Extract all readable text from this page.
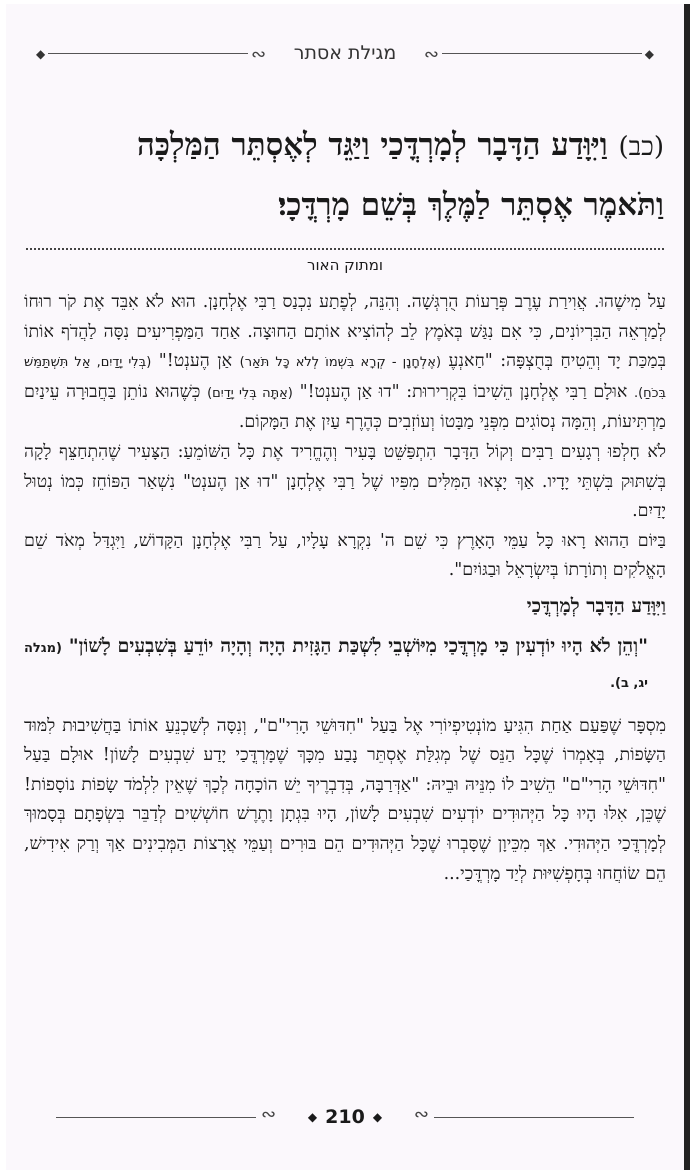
◆	∾ מגילת אסתר ∾	◆
(כב) וַיִּוָּדַע הַדָּבָר לְמָרְדֳּכַי וַיַּגֵּד לְאֶסְתֵּר הַמַּלְכָּה
וַתֹּאמֶר אֶסְתֵּר לַמֶּלֶךְ בְּשֵׁם מָרְדֳּכָי׃
ומתוק האור

עַל מִישֶׁהוּ. אֲוִירַת עֶרֶב פְּרָעוֹת הֻרְגְּשָׁה. וְהִנֵּה, לְפֶתַע נִכְנַס רַבִּי אֶלְחָנָן. הוּא לֹא אִבֵּד אֶת קֹר רוּחוֹ לְמַרְאֵה הַבִּרְיוֹנִים, כִּי אִם נִגַּשׁ בְּאֹמֶץ לֵב לְהוֹצִיא אוֹתָם הַחוּצָה. אַחַד הַמַּפְרִיעִים נִסָּה לַהֲדֹף אוֹתוֹ בְּמַכַּת יָד וְהֵטִיחַ בְּחֻצְפָּה: "חַאנְעֶ (אֶלְחָנָן - קְרָא בִּשְׁמוֹ לְלֹא כָּל תֹּאַר) אַן הֶענְט!" (בְּלִי יָדַיִם, אַל תִּשְׁתַּמֵּשׁ בִּכֹחַ). אוּלָם רַבִּי אֶלְחָנָן הֵשִׁיבוֹ בִּקְרִירוּת: "דוּ אַן הֶענְט!" (אַתָּה בְּלִי יָדַיִם) כְּשֶׁהוּא נוֹתֵן בַּחֲבוּרָה עֵינַיִם מַרְתִּיעוֹת, וְהֵמָּה נְסוֹגִים מִפְּנֵי מַבָּטוֹ וְעוֹזְבִים כְּהֶרֶף עַיִן אֶת הַמָּקוֹם.

לֹא חָלְפוּ רְגָעִים רַבִּים וְקוֹל הַדָּבָר הִתְפַּשֵּׁט בָּעִיר וְהֶחֱרִיד אֶת כָּל הַשּׁוֹמֵעַ: הַצָּעִיר שֶׁהִתְחַצֵּף לָקָה בְּשִׁתּוּק בִּשְׁתֵּי יָדָיו. אַךְ יָצְאוּ הַמִּלִּים מִפִּיו שֶׁל רַבִּי אֶלְחָנָן "דוּ אַן הֶענְט" נִשְׁאַר הַפּוֹחֵז כְּמוֹ נְטוּל יָדַיִם.

בַּיּוֹם הַהוּא רָאוּ כָּל עַמֵּי הָאָרֶץ כִּי שֵׁם ה' נִקְרָא עָלָיו, עַל רַבִּי אֶלְחָנָן הַקָּדוֹשׁ, וַיִּגְדַּל מְאֹד שֵׁם הָאֱלֹקִים וְתוֹרָתוֹ בְּיִשְׂרָאֵל וּבַגּוֹיִם".

וַיִּוָּדַע הַדָּבָר לְמָרְדֳּכַי

"וְהֵן לֹא הָיוּ יוֹדְעִין כִּי מָרְדֳּכַי מִיּוֹשְׁבֵי לִשְׁכַּת הַגָּזִית הָיָה וְהָיָה יוֹדֵעַ בְּשִׁבְעִים לָשׁוֹן" (מגלה יג, ב).

מִסְפָּר שֶׁפַּעַם אַחַת הִגִּיעַ מוֹנְטִיפְיוֹרִי אֶל בַּעַל "חִדּוּשֵׁי הָרִי"ם", וְנִסָּה לְשַׁכְנֵעַ אוֹתוֹ בַּחֲשִׁיבוּת לִמּוּד הַשָּׂפוֹת, בְּאָמְרוֹ שֶׁכָּל הַנֵּס שֶׁל מְגִלַּת אֶסְתֵּר נָבַע מִכָּךְ שֶׁמָּרְדֳּכַי יָדַע שִׁבְעִים לָשׁוֹן! אוּלָם בַּעַל "חִדּוּשֵׁי הָרִי"ם" הֵשִׁיב לוֹ מִנֵּיהּ וּבֵיהּ: "אַדְּרַבָּה, בְּדִבְרֶיךָ יֵשׁ הוֹכָחָה לְכָךְ שֶׁאֵין לִלְמֹד שָׂפוֹת נוֹסָפוֹת! שֶׁכֵּן, אִלּוּ הָיוּ כָּל הַיְּהוּדִים יוֹדְעִים שִׁבְעִים לָשׁוֹן, הָיוּ בִּגְתָן וָתֶרֶשׁ חוֹשְׁשִׁים לְדַבֵּר בִּשְׂפָתָם בְּסָמוּךְ לְמָרְדֳּכַי הַיְּהוּדִי. אַךְ מִכֵּיוָן שֶׁסָּבְרוּ שֶׁכָּל הַיְּהוּדִים הֵם בּוּרִים וְעַמֵּי אֲרָצוֹת הַמְּבִינִים אַךְ וְרַק אִידִישׁ, הֵם שׂוֹחֲחוּ בְּחָפְשִׁיּוּת לְיַד מָרְדֳּכַי...

∾	◆ 210 ◆ ∾
